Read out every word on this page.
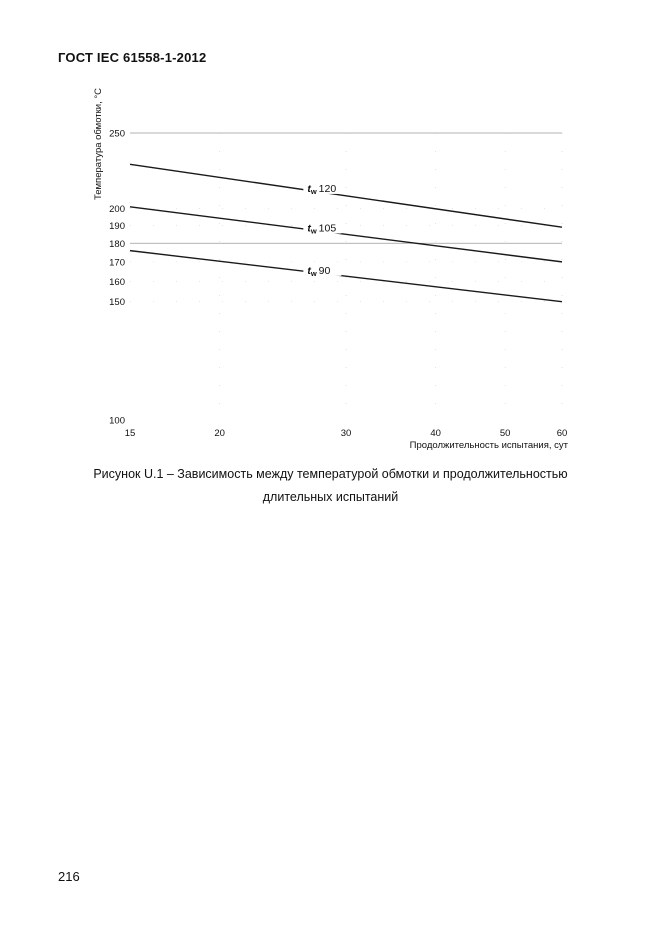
ГОСТ IEC 61558-1-2012
tw 120
tw 105
tw 90
100
150
160
170
180
190
200
250
15	20	30	40	50	60
Продолжительность испытания, сут
Температура обмотки, °С
Рисунок U.1 – Зависимость между температурой обмотки и продолжительностью
длительных испытаний
216
